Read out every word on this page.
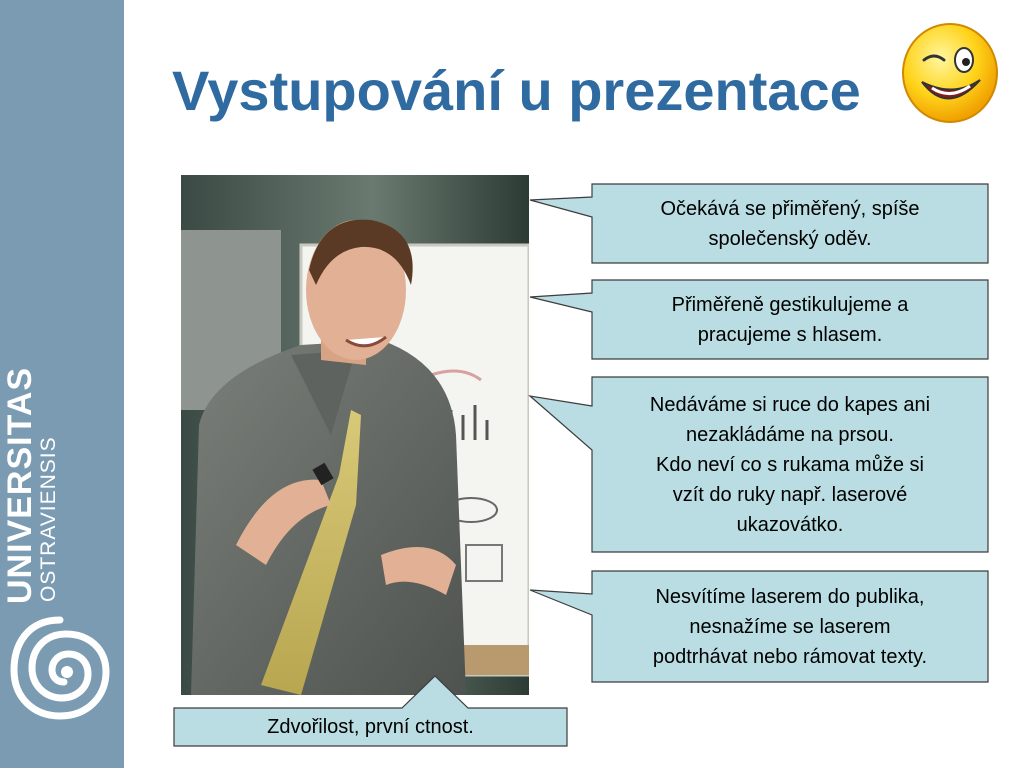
UNIVERSITAS
OSTRAVIENSIS
Vystupování u prezentace
Očekává se přiměřený, spíše
společenský oděv.
Přiměřeně gestikulujeme a
pracujeme s hlasem.
Nedáváme si ruce do kapes ani
nezakládáme na prsou.
Kdo neví co s rukama může si
vzít do ruky např. laserové
ukazovátko.
Nesvítíme laserem do publika,
nesnažíme se laserem
podtrhávat nebo rámovat texty.
Zdvořilost, první ctnost.
